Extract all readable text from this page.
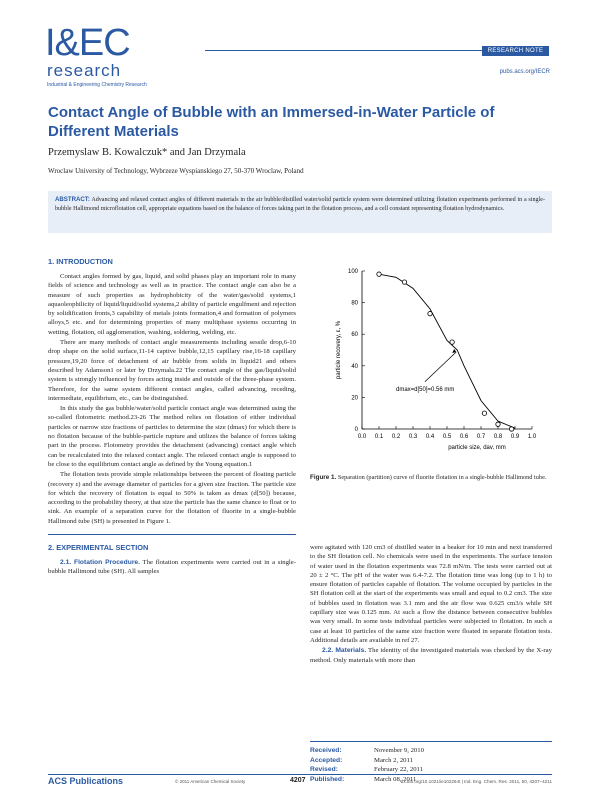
I&EC
research
Industrial & Engineering Chemistry Research
RESEARCH NOTE
pubs.acs.org/IECR
Contact Angle of Bubble with an Immersed-in-Water Particle of Different Materials
Przemyslaw B. Kowalczuk* and Jan Drzymala
Wroclaw University of Technology, Wybrzeze Wyspianskiego 27, 50-370 Wroclaw, Poland
ABSTRACT: Advancing and relaxed contact angles of different materials in the air bubble/distilled water/solid particle system were determined utilizing flotation experiments performed in a single-bubble Hallimond microflotation cell, appropriate equations based on the balance of forces taking part in the flotation process, and a cell constant representing flotation hydrodynamics.
1. INTRODUCTION

Contact angles formed by gas, liquid, and solid phases play an important role in many fields of science and technology as well as in practice. The contact angle can also be a measure of such properties as hydrophobicity of the water/gas/solid systems,1 aquaoleophilicity of liquid/liquid/solid systems,2 ability of particle engulfment and rejection by solidification fronts,3 capability of metals joints formation,4 and formation of polymers alloys,5 etc. and for determining properties of many multiphase systems occurring in wetting, flotation, oil agglomeration, washing, soldering, welding, etc.

There are many methods of contact angle measurements including sessile drop,6-10 drop shape on the solid surface,11-14 captive bubble,12,15 capillary rise,16-18 capillary pressure,19,20 force of detachment of air bubble from solids in liquid21 and others described by Adamson1 or later by Drzymala.22 The contact angle of the gas/liquid/solid system is strongly influenced by forces acting inside and outside of the three-phase system. Therefore, for the same system different contact angles, called advancing, receding, intermediate, equilibrium, etc., can be distinguished.

In this study the gas bubble/water/solid particle contact angle was determined using the so-called flotometric method.23-26 The method relies on flotation of either individual particles or narrow size fractions of particles to determine the size (dmax) for which there is no flotation because of the bubble-particle rupture and utilizes the balance of forces taking part in the process. Flotometry provides the detachment (advancing) contact angle which can be recalculated into the relaxed contact angle. The relaxed contact angle is supposed to be close to the equilibrium contact angle as defined by the Young equation.1

The flotation tests provide simple relationships between the percent of floating particle (recovery ε) and the average diameter of particles for a given size fraction. The particle size for which the recovery of flotation is equal to 50% is taken as dmax (d[50]) because, according to the probability theory, at that size the particle has the same chance to float or to sink. An example of a separation curve for the flotation of fluorite in a single-bubble Hallimond tube (SH) is presented in Figure 1.

2. EXPERIMENTAL SECTION

2.1. Flotation Procedure. The flotation experiments were carried out in a single-bubble Hallimond tube (SH). All samples

0.0 0.1 0.2 0.3 0.4 0.5 0.6 0.7 0.8 0.9 1.0
0
20
40
60
80
100
particle size, dav, mm
particle recovery, ε, %
dmax=d[50]=0.56 mm
Figure 1. Separation (partition) curve of fluorite flotation in a single-bubble Hallimond tube.

were agitated with 120 cm3 of distilled water in a beaker for 10 min and next transferred to the SH flotation cell. No chemicals were used in the experiments. The surface tension of water used in the flotation experiments was 72.8 mN/m. The tests were carried out at 20 ± 2 °C. The pH of the water was 6.4-7.2. The flotation time was long (up to 1 h) to ensure flotation of particles capable of flotation. The volume occupied by particles in the SH flotation cell at the start of the experiments was small and equal to 0.2 cm3. The size of bubbles used in flotation was 3.1 mm and the air flow was 0.625 cm3/s while SH capillary size was 0.125 mm. At such a flow the distance between consecutive bubbles was very small. In some tests individual particles were subjected to flotation. In such a case at least 10 particles of the same size fraction were floated in separate flotation tests. Additional details are available in ref 27.

2.2. Materials. The identity of the investigated materials was checked by the X-ray method. Only materials with more than

Received:	November 9, 2010
Accepted:	March 2, 2011
Revised:	February 22, 2011
Published:	March 08, 2011
ACS Publications	© 2011 American Chemical Society	4207	dx.doi.org/10.1021/ie102264t | Ind. Eng. Chem. Res. 2011, 50, 4207–4211
